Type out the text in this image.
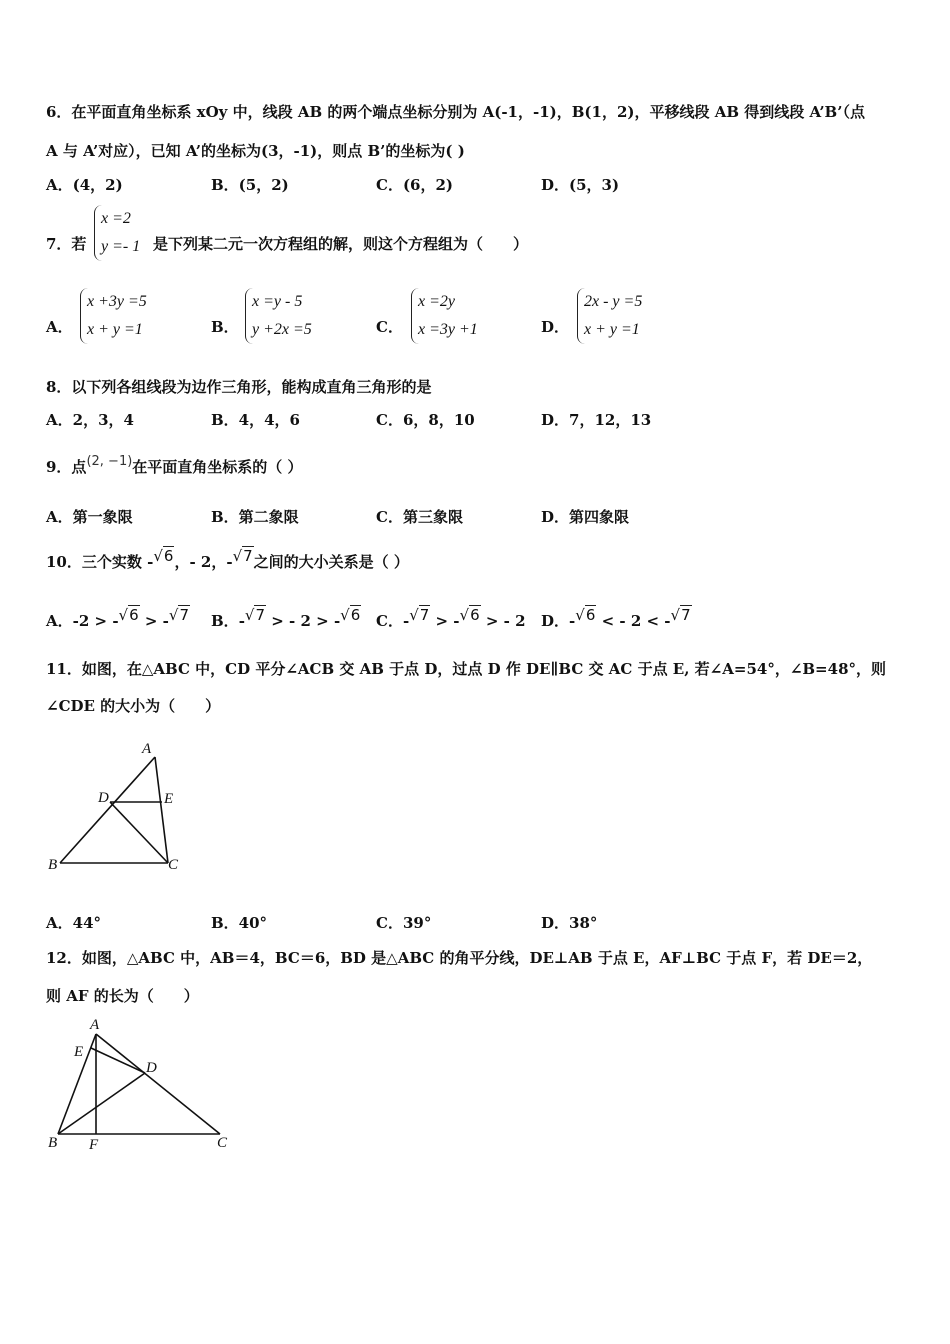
6．在平面直角坐标系 xOy 中，线段 AB 的两个端点坐标分别为 A(-1，-1)，B(1，2)，平移线段 AB 得到线段 A’B’（点
A 与 A’对应），已知 A’的坐标为(3，-1)，则点 B’的坐标为( )
A．(4，2)	B．(5，2)	C．(6，2)	D．(5，3)
7．若
x =2
y =- 1 是下列某二元一次方程组的解，则这个方程组为（　　）
A．
x +3y =5
x + y =1	B．
x =y - 5
y +2x =5	C．
x =2y
x =3y +1	D．
2x - y =5
x + y =1
8．以下列各组线段为边作三角形，能构成直角三角形的是
A．2，3，4	B．4，4，6	C．6，8，10	D．7，12，13
9．点(2, −1)在平面直角坐标系的（ ）
A．第一象限	B．第二象限	C．第三象限	D．第四象限
10．三个实数 -√6，- 2，-√7之间的大小关系是（ ）
A．-2 > -√6 > -√7 B．-√7 > - 2 > -√6 C．-√7 > -√6 > - 2 D．-√6 < - 2 < -√7
11．如图，在△ABC 中，CD 平分∠ACB 交 AB 于点 D，过点 D 作 DE∥BC 交 AC 于点 E, 若∠A=54°，∠B=48°，则
∠CDE 的大小为（　　）
A
D	E
B	C
A．44°	B．40°	C．39°	D．38°
12．如图，△ABC 中，AB＝4，BC＝6，BD 是△ABC 的角平分线，DE⊥AB 于点 E，AF⊥BC 于点 F，若 DE＝2，
则 AF 的长为（　　）
A
E
D
B F	C
